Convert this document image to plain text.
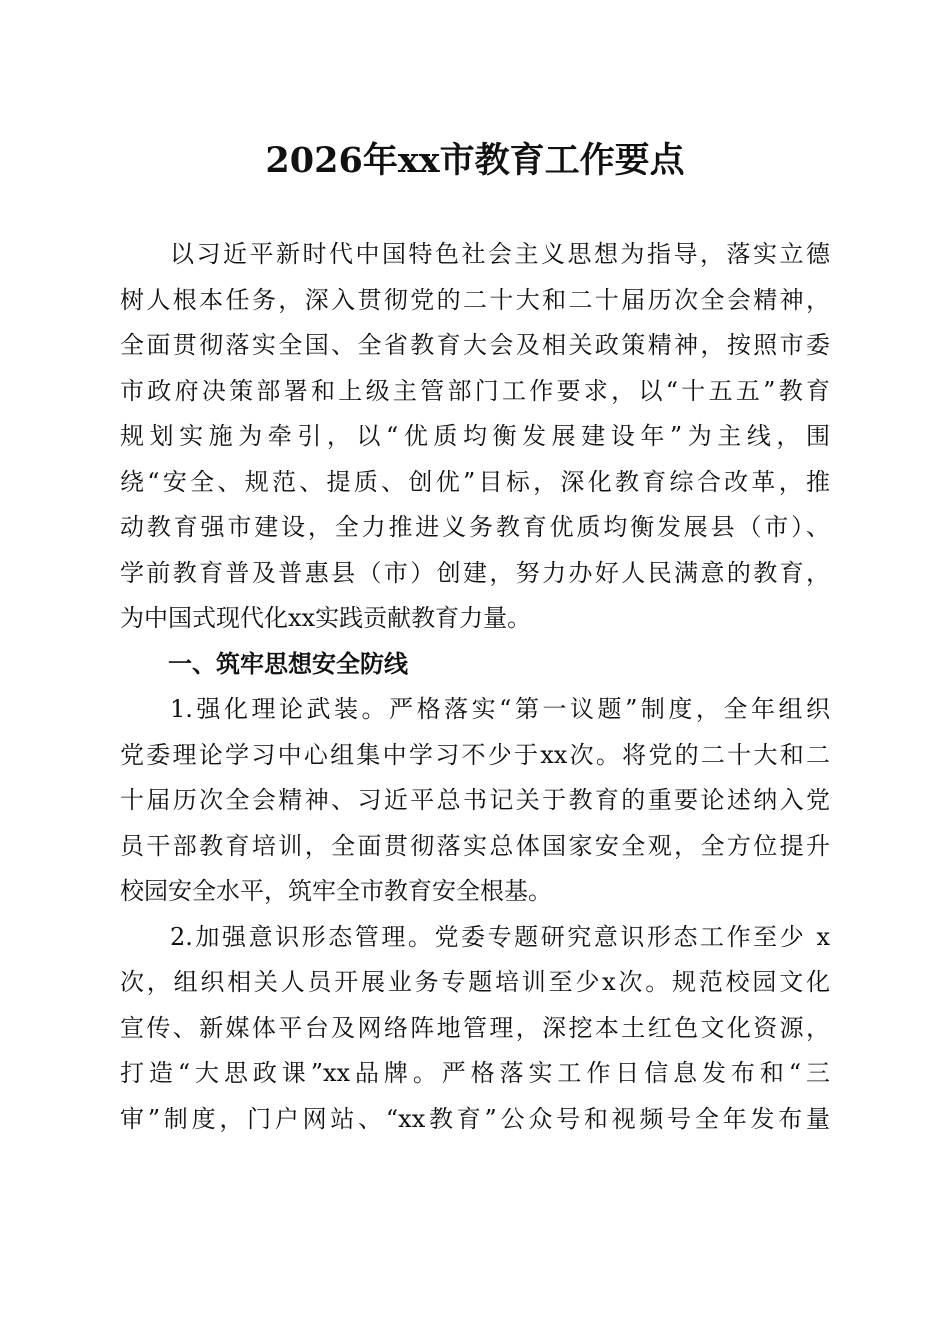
2026年xx市教育工作要点
以习近平新时代中国特色社会主义思想为指导，落实立德
树人根本任务，深入贯彻党的二十大和二十届历次全会精神，
全面贯彻落实全国、全省教育大会及相关政策精神，按照市委
市政府决策部署和上级主管部门工作要求，以“十五五”教育
规划实施为牵引，以“优质均衡发展建设年”为主线，围
绕“安全、规范、提质、创优”目标，深化教育综合改革，推
动教育强市建设，全力推进义务教育优质均衡发展县（市）、
学前教育普及普惠县（市）创建，努力办好人民满意的教育，
为中国式现代化xx实践贡献教育力量。
一、筑牢思想安全防线
1.强化理论武装。严格落实“第一议题”制度，全年组织
党委理论学习中心组集中学习不少于xx次。将党的二十大和二
十届历次全会精神、习近平总书记关于教育的重要论述纳入党
员干部教育培训，全面贯彻落实总体国家安全观，全方位提升
校园安全水平，筑牢全市教育安全根基。
2.加强意识形态管理。党委专题研究意识形态工作至少 x
次，组织相关人员开展业务专题培训至少x次。规范校园文化
宣传、新媒体平台及网络阵地管理，深挖本土红色文化资源，
打造“大思政课”xx品牌。严格落实工作日信息发布和“三
审”制度，门户网站、“xx教育”公众号和视频号全年发布量
